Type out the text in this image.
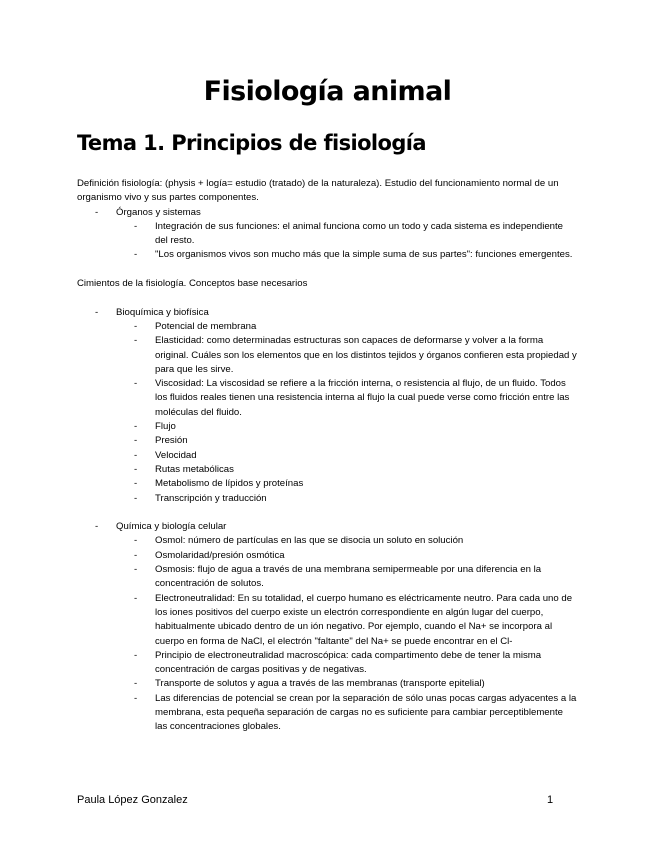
Fisiología animal
Tema 1. Principios de fisiología

Definición fisiología: (physis + logía= estudio (tratado) de la naturaleza). Estudio del funcionamiento normal de un organismo vivo y sus partes componentes.

- Órganos y sistemas
- Integración de sus funciones: el animal funciona como un todo y cada sistema es independiente del resto.
- "Los organismos vivos son mucho más que la simple suma de sus partes": funciones emergentes.

Cimientos de la fisiología. Conceptos base necesarios

- Bioquímica y biofísica
- Potencial de membrana
- Elasticidad: como determinadas estructuras son capaces de deformarse y volver a la forma original. Cuáles son los elementos que en los distintos tejidos y órganos confieren esta propiedad y para que les sirve.
- Viscosidad: La viscosidad se refiere a la fricción interna, o resistencia al flujo, de un fluido. Todos los fluidos reales tienen una resistencia interna al flujo la cual puede verse como fricción entre las moléculas del fluido.
- Flujo
- Presión
- Velocidad
- Rutas metabólicas
- Metabolismo de lípidos y proteínas
- Transcripción y traducción
- Química y biología celular
- Osmol: número de partículas en las que se disocia un soluto en solución
- Osmolaridad/presión osmótica
- Osmosis: flujo de agua a través de una membrana semipermeable por una diferencia en la concentración de solutos.
- Electroneutralidad: En su totalidad, el cuerpo humano es eléctricamente neutro. Para cada uno de los iones positivos del cuerpo existe un electrón correspondiente en algún lugar del cuerpo, habitualmente ubicado dentro de un ión negativo. Por ejemplo, cuando el Na+ se incorpora al cuerpo en forma de NaCl, el electrón "faltante" del Na+ se puede encontrar en el Cl-
- Principio de electroneutralidad macroscópica: cada compartimento debe de tener la misma concentración de cargas positivas y de negativas.
- Transporte de solutos y agua a través de las membranas (transporte epitelial)
- Las diferencias de potencial se crean por la separación de sólo unas pocas cargas adyacentes a la membrana, esta pequeña separación de cargas no es suficiente para cambiar perceptiblemente las concentraciones globales.
Paula López Gonzalez	1
